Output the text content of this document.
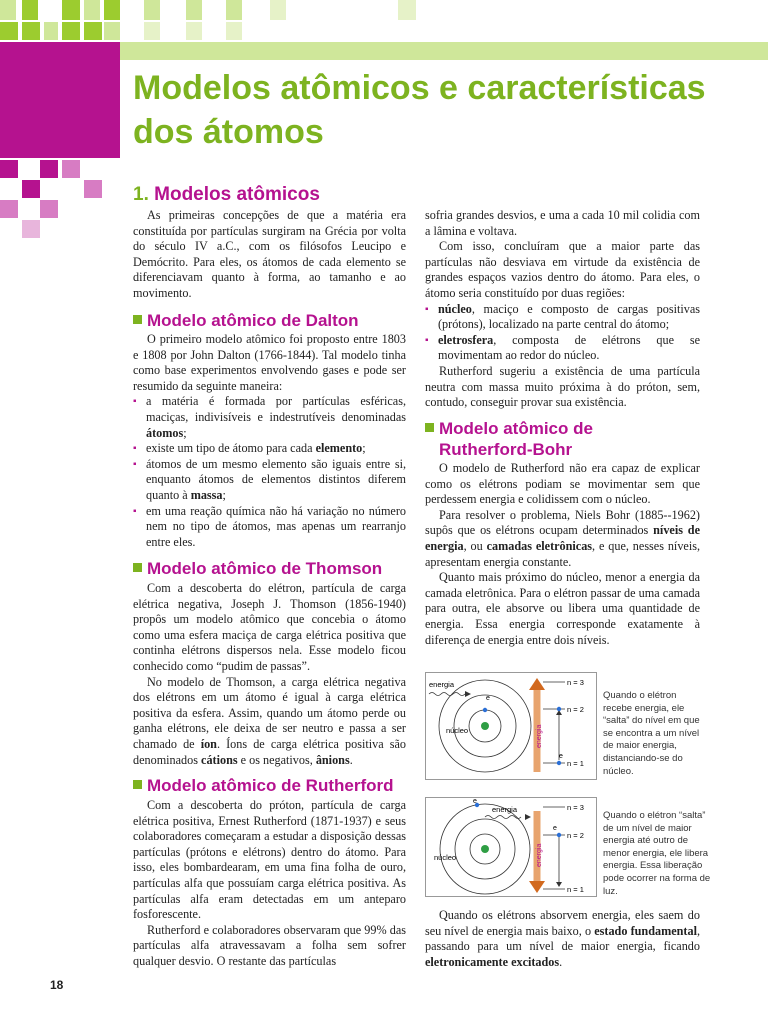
Modelos atômicos e características dos átomos
1. Modelos atômicos

As primeiras concepções de que a matéria era constituída por partículas surgiram na Grécia por volta do século IV a.C., com os filósofos Leucipo e Demócrito. Para eles, os átomos de cada elemento se diferenciavam quanto à forma, ao tamanho e ao movimento.

Modelo atômico de Dalton

O primeiro modelo atômico foi proposto entre 1803 e 1808 por John Dalton (1766-1844). Tal modelo tinha como base experimentos envolvendo gases e pode ser resumido da seguinte maneira:

▪ a matéria é formada por partículas esféricas, maciças, indivisíveis e indestrutíveis denominadas átomos;
▪ existe um tipo de átomo para cada elemento;
▪ átomos de um mesmo elemento são iguais entre si, enquanto átomos de elementos distintos diferem quanto à massa;
▪ em uma reação química não há variação no número nem no tipo de átomos, mas apenas um rearranjo entre eles.
Modelo atômico de Thomson

Com a descoberta do elétron, partícula de carga elétrica negativa, Joseph J. Thomson (1856-1940) propôs um modelo atômico que concebia o átomo como uma esfera maciça de carga elétrica positiva que continha elétrons dispersos nela. Esse modelo ficou conhecido como “pudim de passas”.

No modelo de Thomson, a carga elétrica negativa dos elétrons em um átomo é igual à carga elétrica positiva da esfera. Assim, quando um átomo perde ou ganha elétrons, ele deixa de ser neutro e passa a ser chamado de íon. Íons de carga elétrica positiva são denominados cátions e os negativos, ânions.

Modelo atômico de Rutherford

Com a descoberta do próton, partícula de carga elétrica positiva, Ernest Rutherford (1871-1937) e seus colaboradores começaram a estudar a disposição dessas partículas (prótons e elétrons) dentro do átomo. Para isso, eles bombardearam, em uma fina folha de ouro, partículas alfa que possuíam carga elétrica positiva. As partículas alfa eram detectadas em um anteparo fosforescente.

Rutherford e colaboradores observaram que 99% das partículas alfa atravessavam a folha sem sofrer qualquer desvio. O restante das partículas

sofria grandes desvios, e uma a cada 10 mil colidia com a lâmina e voltava.

Com isso, concluíram que a maior parte das partículas não desviava em virtude da existência de grandes espaços vazios dentro do átomo. Para eles, o átomo seria constituído por duas regiões:

▪ núcleo, maciço e composto de cargas positivas (prótons), localizado na parte central do átomo;
▪ eletrosfera, composta de elétrons que se movimentam ao redor do núcleo.

Rutherford sugeriu a existência de uma partícula neutra com massa muito próxima à do próton, sem, contudo, conseguir provar sua existência.

Modelo atômico de
Rutherford-Bohr

O modelo de Rutherford não era capaz de explicar como os elétrons podiam se movimentar sem que perdessem energia e colidissem com o núcleo.

Para resolver o problema, Niels Bohr (1885--1962) supôs que os elétrons ocupam determinados níveis de energia, ou camadas eletrônicas, e que, nesses níveis, apresentam energia constante.

Quanto mais próximo do núcleo, menor a energia da camada eletrônica. Para o elétron passar de uma camada para outra, ele absorve ou libera uma quantidade de energia. Essa energia corresponde exatamente à diferença de energia entre dois níveis.

energia
núcleo
e
energia
n = 3
n = 2
n = 1
e
Quando o elétron recebe energia, ele “salta” do nível em que se encontra a um nível de maior energia, distanciando-se do núcleo.
energia
núcleo
e
energia
n = 3
n = 2
n = 1
e
Quando o elétron “salta” de um nível de maior energia até outro de menor energia, ele libera energia. Essa liberação pode ocorrer na forma de luz.

Quando os elétrons absorvem energia, eles saem do seu nível de energia mais baixo, o estado fundamental, passando para um nível de maior energia, ficando eletronicamente excitados.

18
